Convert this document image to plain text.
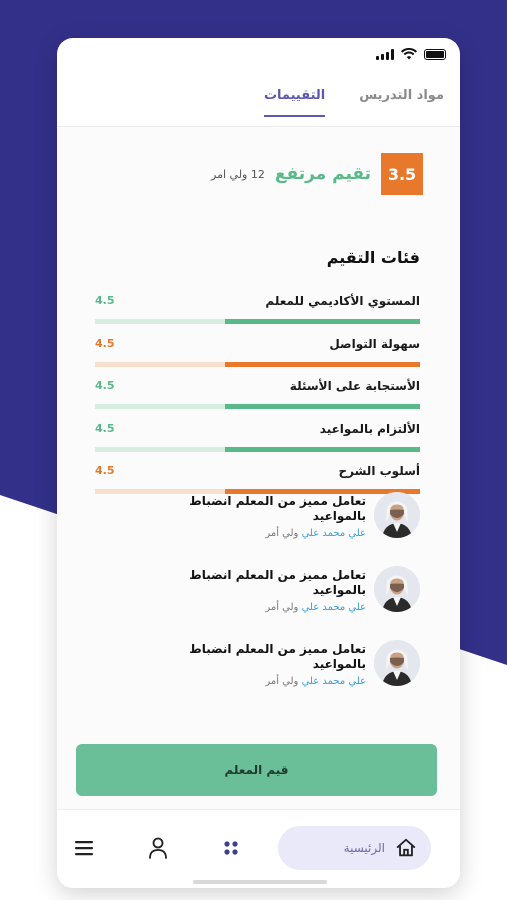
مواد التدريس
التقييمات
3.5
تقيم مرتفع
12 ولي امر
فئات التقيم
المستوي الأكاديمي للمعلم
4.5
سهولة التواصل
4.5
الأستجابة على الأسئلة
4.5
الألتزام بالمواعيد
4.5
أسلوب الشرح
4.5
تعامل مميز من المعلم انضباط بالمواعيد
علي محمد علي ولي أمر
تعامل مميز من المعلم انضباط بالمواعيد
علي محمد علي ولي أمر
تعامل مميز من المعلم انضباط بالمواعيد
علي محمد علي ولي أمر
قيم المعلم
الرئيسية
